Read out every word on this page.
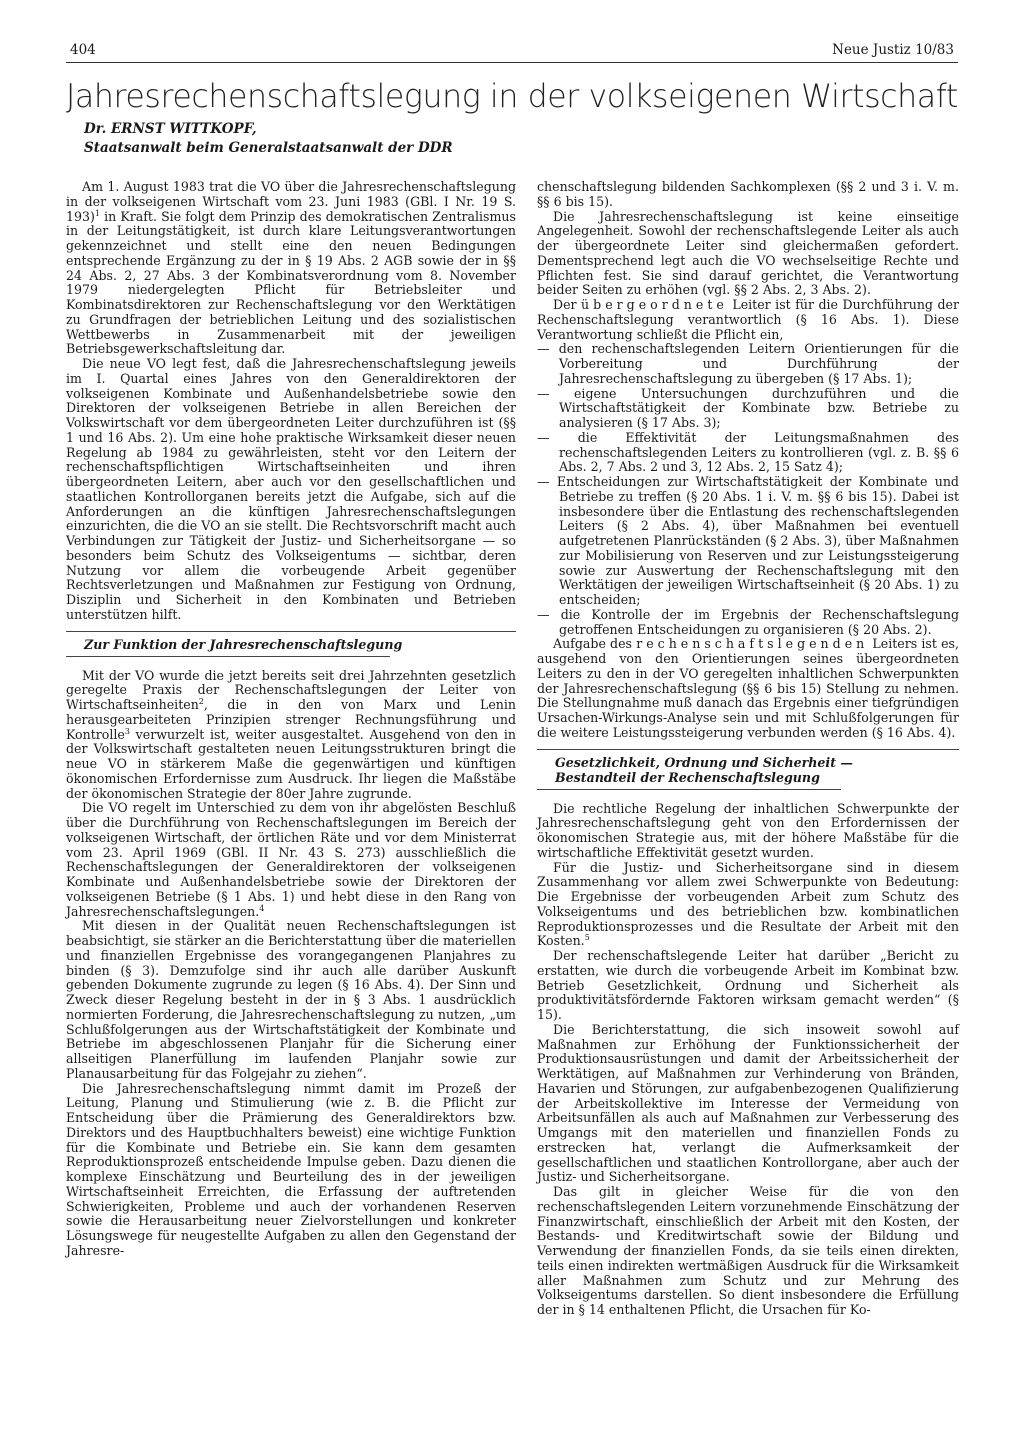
404	Neue Justiz 10/83
Jahresrechenschaftslegung in der volkseigenen Wirtschaft
Dr. ERNST WITTKOPF,
Staatsanwalt beim Generalstaatsanwalt der DDR

Am 1. August 1983 trat die VO über die Jahresrechenschaftslegung in der volkseigenen Wirtschaft vom 23. Juni 1983 (GBl. I Nr. 19 S. 193)$^1$ in Kraft. Sie folgt dem Prinzip des demokratischen Zentralismus in der Leitungstätigkeit, ist durch klare Leitungsverantwortungen gekennzeichnet und stellt eine den neuen Bedingungen entsprechende Ergänzung zu der in § 19 Abs. 2 AGB sowie der in §§ 24 Abs. 2, 27 Abs. 3 der Kombinatsverordnung vom 8. November 1979 niedergelegten Pflicht für Betriebsleiter und Kombinatsdirektoren zur Rechenschaftslegung vor den Werktätigen zu Grundfragen der betrieblichen Leitung und des sozialistischen Wettbewerbs in Zusammenarbeit mit der jeweiligen Betriebsgewerkschaftsleitung dar.

Die neue VO legt fest, daß die Jahresrechenschaftslegung jeweils im I. Quartal eines Jahres von den Generaldirektoren der volkseigenen Kombinate und Außenhandelsbetriebe sowie den Direktoren der volkseigenen Betriebe in allen Bereichen der Volkswirtschaft vor dem übergeordneten Leiter durchzuführen ist (§§ 1 und 16 Abs. 2). Um eine hohe praktische Wirksamkeit dieser neuen Regelung ab 1984 zu gewährleisten, steht vor den Leitern der rechenschaftspflichtigen Wirtschaftseinheiten und ihren übergeordneten Leitern, aber auch vor den gesellschaftlichen und staatlichen Kontrollorganen bereits jetzt die Aufgabe, sich auf die Anforderungen an die künftigen Jahresrechenschaftslegungen einzurichten, die die VO an sie stellt. Die Rechtsvorschrift macht auch Verbindungen zur Tätigkeit der Justiz- und Sicherheitsorgane — so besonders beim Schutz des Volkseigentums — sichtbar, deren Nutzung vor allem die vorbeugende Arbeit gegenüber Rechtsverletzungen und Maßnahmen zur Festigung von Ordnung, Disziplin und Sicherheit in den Kombinaten und Betrieben unterstützen hilft.

Zur Funktion der Jahresrechenschaftslegung

Mit der VO wurde die jetzt bereits seit drei Jahrzehnten gesetzlich geregelte Praxis der Rechenschaftslegungen der Leiter von Wirtschaftseinheiten$^2$, die in den von Marx und Lenin herausgearbeiteten Prinzipien strenger Rechnungsführung und Kontrolle$^3$ verwurzelt ist, weiter ausgestaltet. Ausgehend von den in der Volkswirtschaft gestalteten neuen Leitungsstrukturen bringt die neue VO in stärkerem Maße die gegenwärtigen und künftigen ökonomischen Erfordernisse zum Ausdruck. Ihr liegen die Maßstäbe der ökonomischen Strategie der 80er Jahre zugrunde.

Die VO regelt im Unterschied zu dem von ihr abgelösten Beschluß über die Durchführung von Rechenschaftslegungen im Bereich der volkseigenen Wirtschaft, der örtlichen Räte und vor dem Ministerrat vom 23. April 1969 (GBl. II Nr. 43 S. 273) ausschließlich die Rechenschaftslegungen der Generaldirektoren der volkseigenen Kombinate und Außenhandelsbetriebe sowie der Direktoren der volkseigenen Betriebe (§ 1 Abs. 1) und hebt diese in den Rang von Jahresrechenschaftslegungen.$^4$

Mit diesen in der Qualität neuen Rechenschaftslegungen ist beabsichtigt, sie stärker an die Berichterstattung über die materiellen und finanziellen Ergebnisse des vorangegangenen Planjahres zu binden (§ 3). Demzufolge sind ihr auch alle darüber Auskunft gebenden Dokumente zugrunde zu legen (§ 16 Abs. 4). Der Sinn und Zweck dieser Regelung besteht in der in § 3 Abs. 1 ausdrücklich normierten Forderung, die Jahresrechenschaftslegung zu nutzen, „um Schlußfolgerungen aus der Wirtschaftstätigkeit der Kombinate und Betriebe im abgeschlossenen Planjahr für die Sicherung einer allseitigen Planerfüllung im laufenden Planjahr sowie zur Planausarbeitung für das Folgejahr zu ziehen“.

Die Jahresrechenschaftslegung nimmt damit im Prozeß der Leitung, Planung und Stimulierung (wie z. B. die Pflicht zur Entscheidung über die Prämierung des Generaldirektors bzw. Direktors und des Hauptbuchhalters beweist) eine wichtige Funktion für die Kombinate und Betriebe ein. Sie kann dem gesamten Reproduktionsprozeß entscheidende Impulse geben. Dazu dienen die komplexe Einschätzung und Beurteilung des in der jeweiligen Wirtschaftseinheit Erreichten, die Erfassung der auftretenden Schwierigkeiten, Probleme und auch der vorhandenen Reserven sowie die Herausarbeitung neuer Zielvorstellungen und konkreter Lösungswege für neugestellte Aufgaben zu allen den Gegenstand der Jahresre-

chenschaftslegung bildenden Sachkomplexen (§§ 2 und 3 i. V. m. §§ 6 bis 15).

Die Jahresrechenschaftslegung ist keine einseitige Angelegenheit. Sowohl der rechenschaftslegende Leiter als auch der übergeordnete Leiter sind gleichermaßen gefordert. Dementsprechend legt auch die VO wechselseitige Rechte und Pflichten fest. Sie sind darauf gerichtet, die Verantwortung beider Seiten zu erhöhen (vgl. §§ 2 Abs. 2, 3 Abs. 2).

Der übergeordnete Leiter ist für die Durchführung der Rechenschaftslegung verantwortlich (§ 16 Abs. 1). Diese Verantwortung schließt die Pflicht ein,

— den rechenschaftslegenden Leitern Orientierungen für die Vorbereitung und Durchführung der Jahresrechenschaftslegung zu übergeben (§ 17 Abs. 1);

— eigene Untersuchungen durchzuführen und die Wirtschaftstätigkeit der Kombinate bzw. Betriebe zu analysieren (§ 17 Abs. 3);

— die Effektivität der Leitungsmaßnahmen des rechenschaftslegenden Leiters zu kontrollieren (vgl. z. B. §§ 6 Abs. 2, 7 Abs. 2 und 3, 12 Abs. 2, 15 Satz 4);

— Entscheidungen zur Wirtschaftstätigkeit der Kombinate und Betriebe zu treffen (§ 20 Abs. 1 i. V. m. §§ 6 bis 15). Dabei ist insbesondere über die Entlastung des rechenschaftslegenden Leiters (§ 2 Abs. 4), über Maßnahmen bei eventuell aufgetretenen Planrückständen (§ 2 Abs. 3), über Maßnahmen zur Mobilisierung von Reserven und zur Leistungssteigerung sowie zur Auswertung der Rechenschaftslegung mit den Werktätigen der jeweiligen Wirtschaftseinheit (§ 20 Abs. 1) zu entscheiden;

— die Kontrolle der im Ergebnis der Rechenschaftslegung getroffenen Entscheidungen zu organisieren (§ 20 Abs. 2).

Aufgabe des rechenschaftslegenden Leiters ist es, ausgehend von den Orientierungen seines übergeordneten Leiters zu den in der VO geregelten inhaltlichen Schwerpunkten der Jahresrechenschaftslegung (§§ 6 bis 15) Stellung zu nehmen. Die Stellungnahme muß danach das Ergebnis einer tiefgründigen Ursachen-Wirkungs-Analyse sein und mit Schlußfolgerungen für die weitere Leistungssteigerung verbunden werden (§ 16 Abs. 4).

Gesetzlichkeit, Ordnung und Sicherheit —

Bestandteil der Rechenschaftslegung

Die rechtliche Regelung der inhaltlichen Schwerpunkte der Jahresrechenschaftslegung geht von den Erfordernissen der ökonomischen Strategie aus, mit der höhere Maßstäbe für die wirtschaftliche Effektivität gesetzt wurden.

Für die Justiz- und Sicherheitsorgane sind in diesem Zusammenhang vor allem zwei Schwerpunkte von Bedeutung: Die Ergebnisse der vorbeugenden Arbeit zum Schutz des Volkseigentums und des betrieblichen bzw. kombinatlichen Reproduktionsprozesses und die Resultate der Arbeit mit den Kosten.$^5$

Der rechenschaftslegende Leiter hat darüber „Bericht zu erstatten, wie durch die vorbeugende Arbeit im Kombinat bzw. Betrieb Gesetzlichkeit, Ordnung und Sicherheit als produktivitätsfördernde Faktoren wirksam gemacht werden“ (§ 15).

Die Berichterstattung, die sich insoweit sowohl auf Maßnahmen zur Erhöhung der Funktionssicherheit der Produktionsausrüstungen und damit der Arbeitssicherheit der Werktätigen, auf Maßnahmen zur Verhinderung von Bränden, Havarien und Störungen, zur aufgabenbezogenen Qualifizierung der Arbeitskollektive im Interesse der Vermeidung von Arbeitsunfällen als auch auf Maßnahmen zur Verbesserung des Umgangs mit den materiellen und finanziellen Fonds zu erstrecken hat, verlangt die Aufmerksamkeit der gesellschaftlichen und staatlichen Kontrollorgane, aber auch der Justiz- und Sicherheitsorgane.

Das gilt in gleicher Weise für die von den rechenschaftslegenden Leitern vorzunehmende Einschätzung der Finanzwirtschaft, einschließlich der Arbeit mit den Kosten, der Bestands- und Kreditwirtschaft sowie der Bildung und Verwendung der finanziellen Fonds, da sie teils einen direkten, teils einen indirekten wertmäßigen Ausdruck für die Wirksamkeit aller Maßnahmen zum Schutz und zur Mehrung des Volkseigentums darstellen. So dient insbesondere die Erfüllung der in § 14 enthaltenen Pflicht, die Ursachen für Ko-
